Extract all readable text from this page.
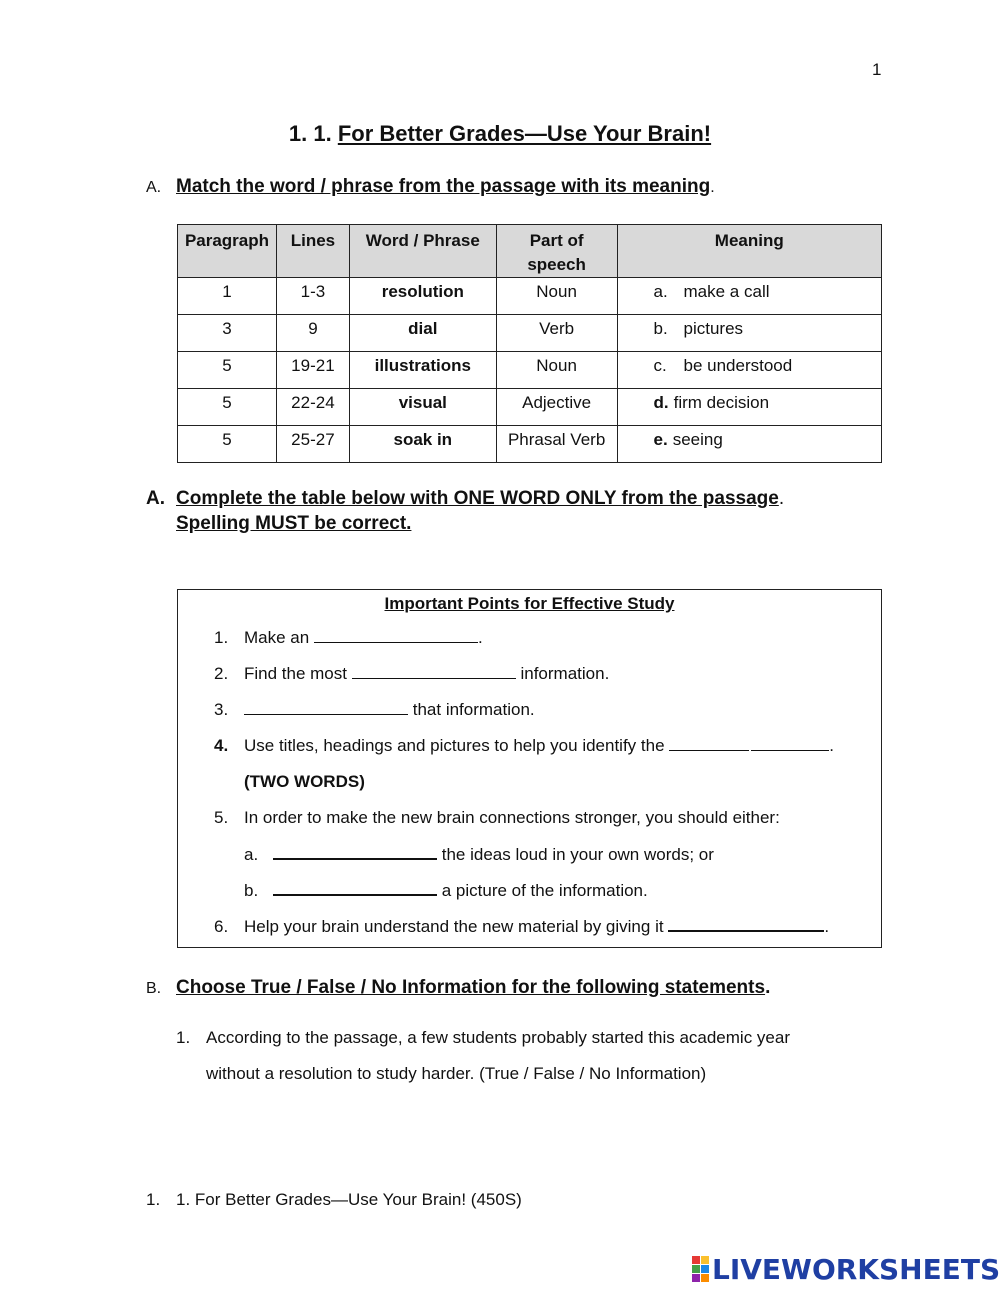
1
1. 1. For Better Grades—Use Your Brain!
A. Match the word / phrase from the passage with its meaning.
Paragraph	Lines	Word / Phrase	Part of speech	Meaning
1	1-3	resolution	Noun	a. make a call
3	9	dial	Verb	b. pictures
5	19-21	illustrations	Noun	c. be understood
5	22-24	visual	Adjective	d. firm decision
5	25-27	soak in	Phrasal Verb	e. seeing
A. Complete the table below with ONE WORD ONLY from the passage.
Spelling MUST be correct.
Important Points for Effective Study
1. Make an	.
2. Find the most	information.
3.	that information.
4. Use titles, headings and pictures to help you identify the	.
(TWO WORDS)
5. In order to make the new brain connections stronger, you should either:
a.	the ideas loud in your own words; or
b.	a picture of the information.
6. Help your brain understand the new material by giving it	.
B. Choose True / False / No Information for the following statements.
1. According to the passage, a few students probably started this academic year
without a resolution to study harder. (True / False / No Information)
1. 1. For Better Grades—Use Your Brain! (450S)
LIVEWORKSHEETS
